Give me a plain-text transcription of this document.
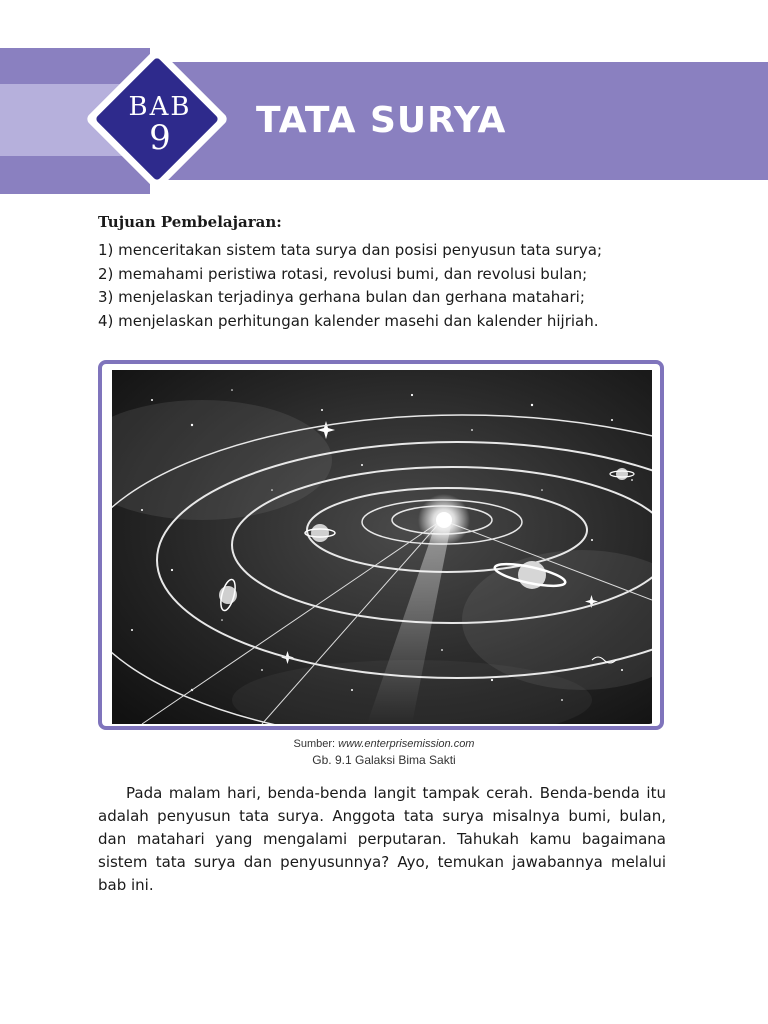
BAB
9	TATA SURYA

Tujuan Pembelajaran:

1) menceritakan sistem tata surya dan posisi penyusun tata surya;
2) memahami peristiwa rotasi, revolusi bumi, dan revolusi bulan;
3) menjelaskan terjadinya gerhana bulan dan gerhana matahari;
4) menjelaskan perhitungan kalender masehi dan kalender hijriah.
Sumber: www.enterprisemission.com
Gb. 9.1 Galaksi Bima Sakti

Pada malam hari, benda-benda langit tampak cerah. Benda-benda itu adalah penyusun tata surya. Anggota tata surya misalnya bumi, bulan, dan matahari yang mengalami perputaran. Tahukah kamu bagaimana sistem tata surya dan penyusunnya? Ayo, temukan jawabannya melalui bab ini.
